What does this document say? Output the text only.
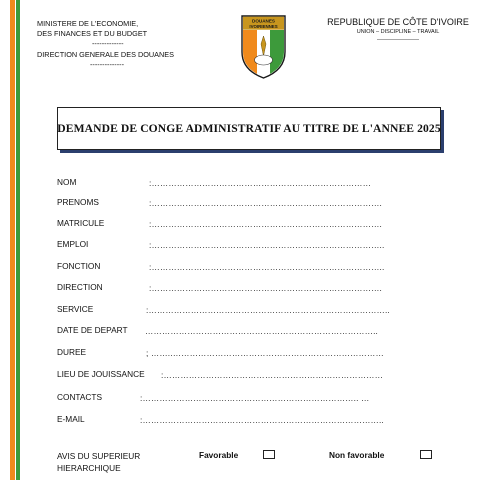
MINISTERE DE L'ECONOMIE,
DES FINANCES ET DU BUDGET
-------------
DIRECTION GENERALE DES DOUANES
--------------
DOUANES
IVOIRIENNES	REPUBLIQUE DE CÔTE D'IVOIRE
UNION – DISCIPLINE – TRAVAIL
---------------------
DEMANDE DE CONGE ADMINISTRATIF AU TITRE DE L'ANNEE 2025
NOM	:……………………………………………………………………
PRENOMS	:……………………………………………………………………….
MATRICULE	:……………………………………………………………………….
EMPLOI	:………………………………………………………………………..
FONCTION	:………………………………………………………………………..
DIRECTION	:……………………………………………………………………….
SERVICE	:…………………………………………………………………………..
DATE DE DEPART ………………………………………………………………………..
DUREE	; ……..…………………………………………………………………
LIEU DE JOUISSANCE :……………………………………………………………………
CONTACTS	:………………………………………………………………….. …
E-MAIL	:…………………………………………………………………………..
AVIS DU SUPERIEUR
HIERARCHIQUE
Favorable	Non favorable
